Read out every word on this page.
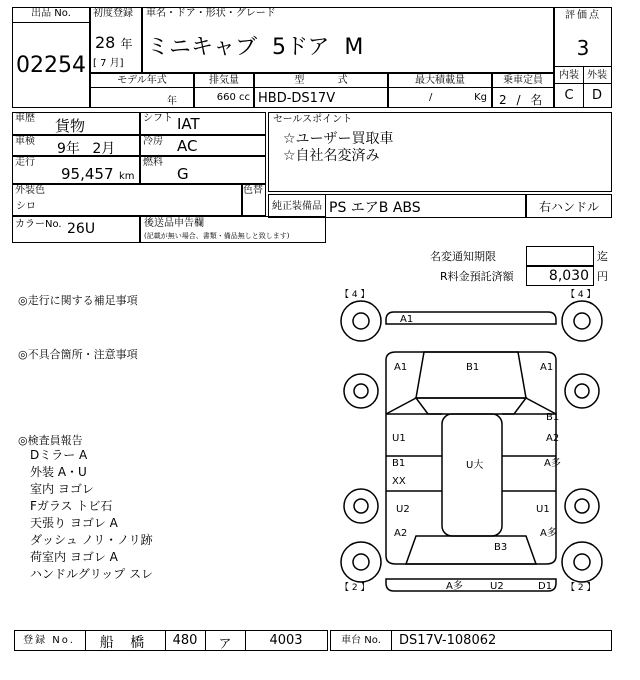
出品 No.
02254
初度登録
28 年
[ 7 月]
車名・ドア・形状・グレード
ミニキャブ 5ドア M
評価点
3
内装 外装
C	D
モデル年式
年
排気量
660 cc
型 式
HBD-DS17V
最大積載量
/	Kg
乗車定員
2 / 名
車歴 貨物	シフト IAT
車検 9年 2月	冷房 AC
走行
95,457 km
燃料
G
外装色
シロ
色替
カラーNo. 26U	後送品申告欄
(記載が無い場合、書類・備品無しと致します)
セールスポイント
☆ユーザー買取車
☆自社名変済み
純正装備品 PS エアB ABS	右ハンドル
名変通知期限	迄
R料金預託済額	8,030 円
◎走行に関する補足事項
◎不具合箇所・注意事項
◎検査員報告
Dミラー A
外装 A・U
室内 ヨゴレ
Fガラス トビ石
天張り ヨゴレ A
ダッシュ ノリ・ノリ跡
荷室内 ヨゴレ A
ハンドルグリップ スレ
【 4 】	【 4 】
【 2 】	【 2 】
A1
A1	B1	A1
B1
A2
U1
B1
XX
U大	A多
U2
A2
U1
A多
B3
A多	U2	D1
登録 No.	船 橋	480	ア	4003	車台 No.	DS17V-108062
